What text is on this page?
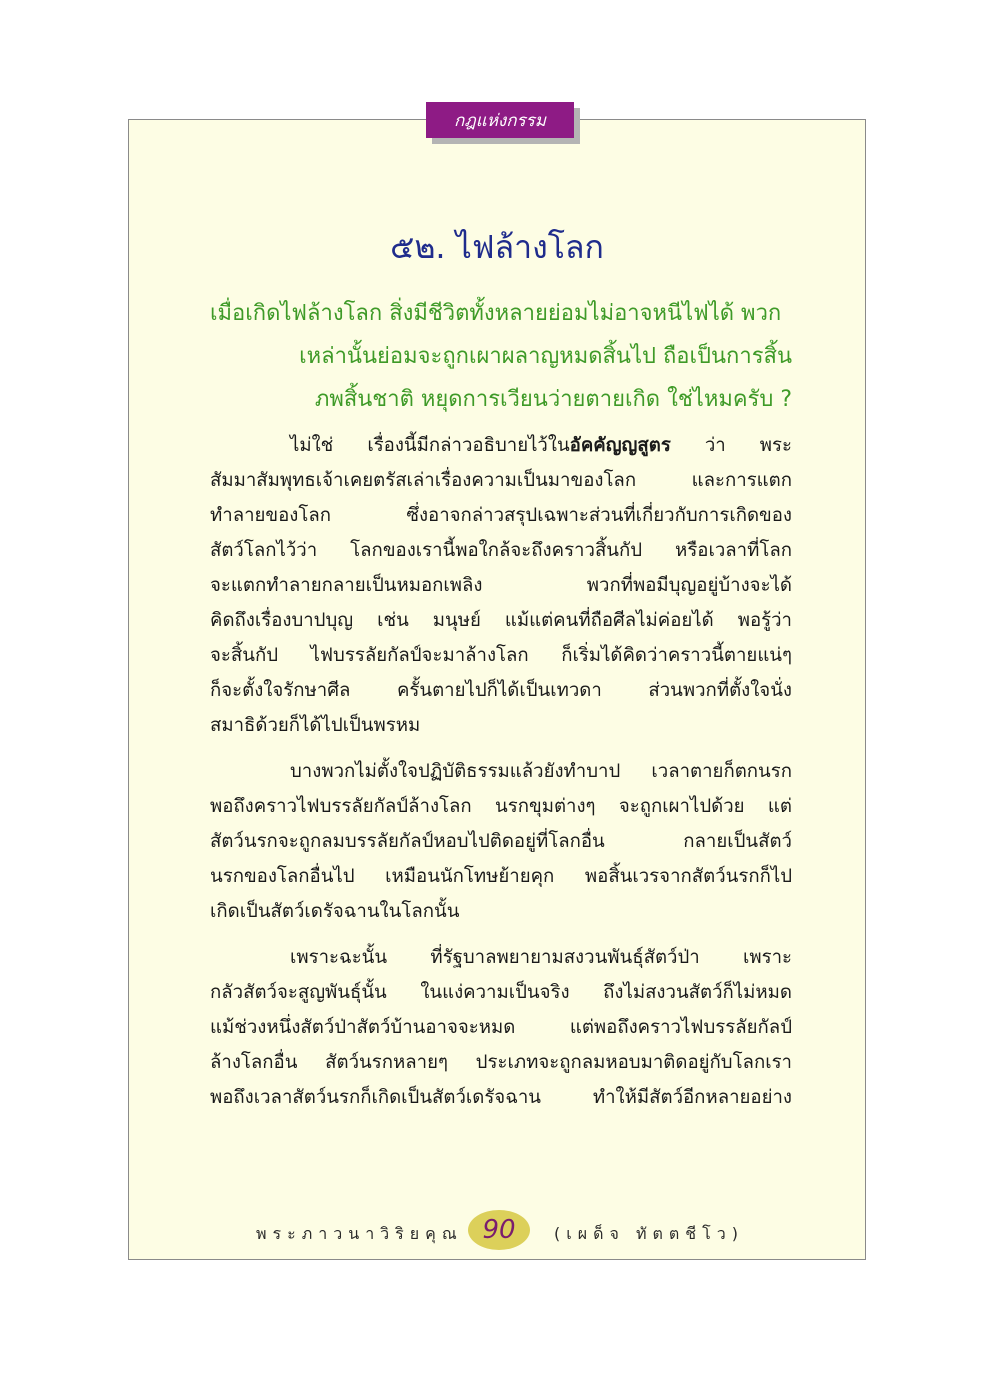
กฎแห่งกรรม
๕๒. ไฟล้างโลก
เมื่อเกิดไฟล้างโลก สิ่งมีชีวิตทั้งหลายย่อมไม่อาจหนีไฟได้ พวก
เหล่านั้นย่อมจะถูกเผาผลาญหมดสิ้นไป ถือเป็นการสิ้น
ภพสิ้นชาติ หยุดการเวียนว่ายตายเกิด ใช่ไหมครับ ?
ไม่ใช่ เรื่องนี้มีกล่าวอธิบายไว้ในอัคคัญญสูตร ว่า พระ
สัมมาสัมพุทธเจ้าเคยตรัสเล่าเรื่องความเป็นมาของโลก และการแตก
ทำลายของโลก ซึ่งอาจกล่าวสรุปเฉพาะส่วนที่เกี่ยวกับการเกิดของ
สัตว์โลกไว้ว่า โลกของเรานี้พอใกล้จะถึงคราวสิ้นกัป หรือเวลาที่โลก
จะแตกทำลายกลายเป็นหมอกเพลิง พวกที่พอมีบุญอยู่บ้างจะได้
คิดถึงเรื่องบาปบุญ เช่น มนุษย์ แม้แต่คนที่ถือศีลไม่ค่อยได้ พอรู้ว่า
จะสิ้นกัป ไฟบรรลัยกัลป์จะมาล้างโลก ก็เริ่มได้คิดว่าคราวนี้ตายแน่ๆ
ก็จะตั้งใจรักษาศีล ครั้นตายไปก็ได้เป็นเทวดา ส่วนพวกที่ตั้งใจนั่ง
สมาธิด้วยก็ได้ไปเป็นพรหม
บางพวกไม่ตั้งใจปฏิบัติธรรมแล้วยังทำบาป เวลาตายก็ตกนรก
พอถึงคราวไฟบรรลัยกัลป์ล้างโลก นรกขุมต่างๆ จะถูกเผาไปด้วย แต่
สัตว์นรกจะถูกลมบรรลัยกัลป์หอบไปติดอยู่ที่โลกอื่น กลายเป็นสัตว์
นรกของโลกอื่นไป เหมือนนักโทษย้ายคุก พอสิ้นเวรจากสัตว์นรกก็ไป
เกิดเป็นสัตว์เดรัจฉานในโลกนั้น
เพราะฉะนั้น ที่รัฐบาลพยายามสงวนพันธุ์สัตว์ป่า เพราะ
กลัวสัตว์จะสูญพันธุ์นั้น ในแง่ความเป็นจริง ถึงไม่สงวนสัตว์ก็ไม่หมด
แม้ช่วงหนึ่งสัตว์ป่าสัตว์บ้านอาจจะหมด แต่พอถึงคราวไฟบรรลัยกัลป์
ล้างโลกอื่น สัตว์นรกหลายๆ ประเภทจะถูกลมหอบมาติดอยู่กับโลกเรา
พอถึงเวลาสัตว์นรกก็เกิดเป็นสัตว์เดรัจฉาน ทำให้มีสัตว์อีกหลายอย่าง
พระภาวนาวิริยคุณ 90 (เผด็จ ทัตตชีโว)
